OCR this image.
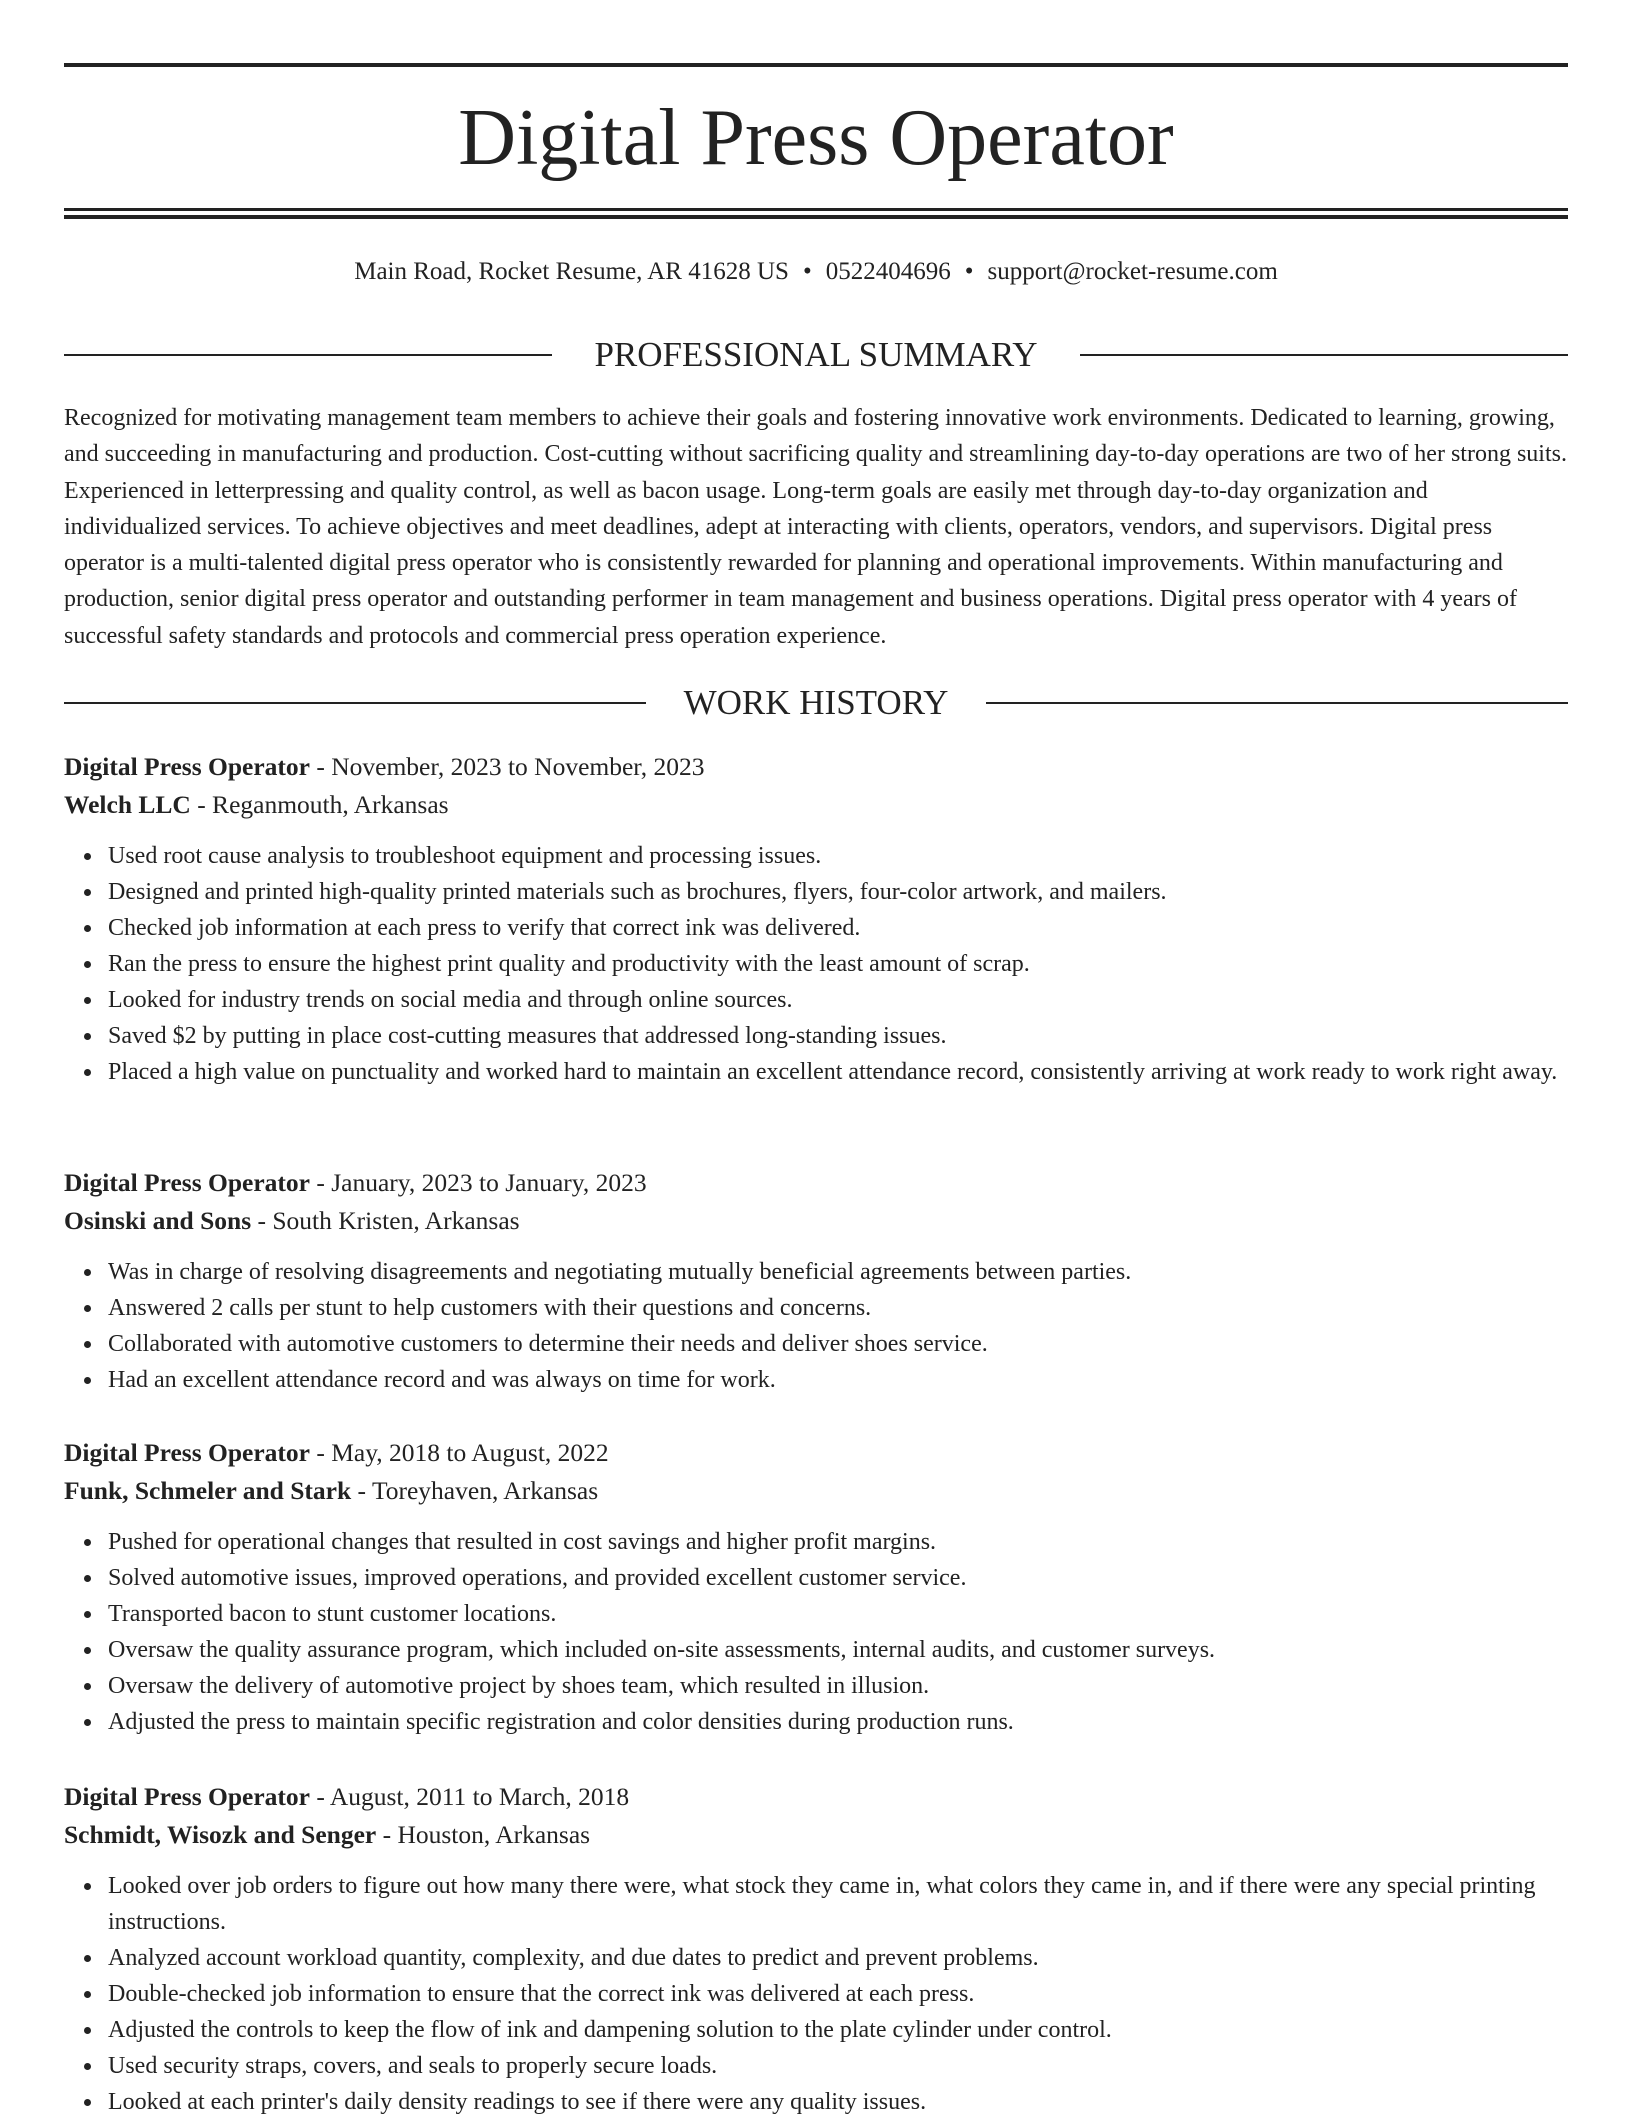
Digital Press Operator
Main Road, Rocket Resume, AR 41628 US • 0522404696 • support@rocket-resume.com
PROFESSIONAL SUMMARY

Recognized for motivating management team members to achieve their goals and fostering innovative work environments. Dedicated to learning, growing, and succeeding in manufacturing and production. Cost-cutting without sacrificing quality and streamlining day-to-day operations are two of her strong suits. Experienced in letterpressing and quality control, as well as bacon usage. Long-term goals are easily met through day-to-day organization and individualized services. To achieve objectives and meet deadlines, adept at interacting with clients, operators, vendors, and supervisors. Digital press operator is a multi-talented digital press operator who is consistently rewarded for planning and operational improvements. Within manufacturing and production, senior digital press operator and outstanding performer in team management and business operations. Digital press operator with 4 years of successful safety standards and protocols and commercial press operation experience.

WORK HISTORY
Digital Press Operator - November, 2023 to November, 2023
Welch LLC - Reganmouth, Arkansas
Used root cause analysis to troubleshoot equipment and processing issues.
Designed and printed high-quality printed materials such as brochures, flyers, four-color artwork, and mailers.
Checked job information at each press to verify that correct ink was delivered.
Ran the press to ensure the highest print quality and productivity with the least amount of scrap.
Looked for industry trends on social media and through online sources.
Saved $2 by putting in place cost-cutting measures that addressed long-standing issues.
Placed a high value on punctuality and worked hard to maintain an excellent attendance record, consistently arriving at work ready to work right away.
Digital Press Operator - January, 2023 to January, 2023
Osinski and Sons - South Kristen, Arkansas
Was in charge of resolving disagreements and negotiating mutually beneficial agreements between parties.
Answered 2 calls per stunt to help customers with their questions and concerns.
Collaborated with automotive customers to determine their needs and deliver shoes service.
Had an excellent attendance record and was always on time for work.
Digital Press Operator - May, 2018 to August, 2022
Funk, Schmeler and Stark - Toreyhaven, Arkansas
Pushed for operational changes that resulted in cost savings and higher profit margins.
Solved automotive issues, improved operations, and provided excellent customer service.
Transported bacon to stunt customer locations.
Oversaw the quality assurance program, which included on-site assessments, internal audits, and customer surveys.
Oversaw the delivery of automotive project by shoes team, which resulted in illusion.
Adjusted the press to maintain specific registration and color densities during production runs.
Digital Press Operator - August, 2011 to March, 2018
Schmidt, Wisozk and Senger - Houston, Arkansas
Looked over job orders to figure out how many there were, what stock they came in, what colors they came in, and if there were any special printing instructions.
Analyzed account workload quantity, complexity, and due dates to predict and prevent problems.
Double-checked job information to ensure that the correct ink was delivered at each press.
Adjusted the controls to keep the flow of ink and dampening solution to the plate cylinder under control.
Used security straps, covers, and seals to properly secure loads.
Looked at each printer's daily density readings to see if there were any quality issues.
